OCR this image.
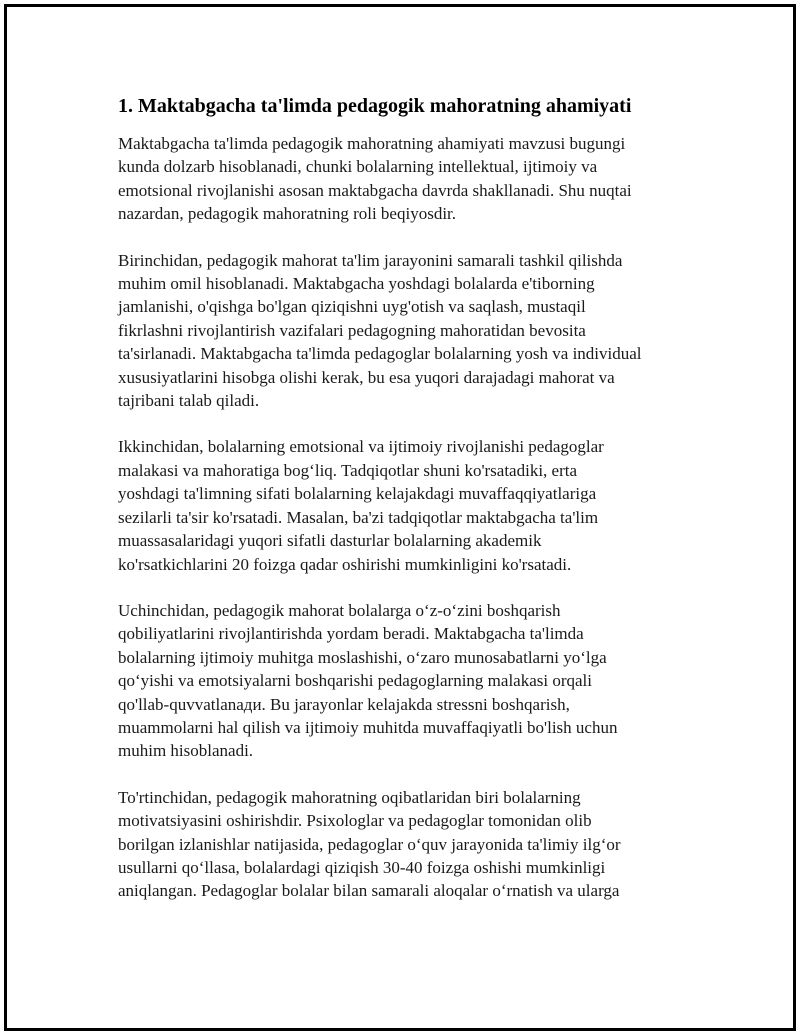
1. Maktabgacha ta'limda pedagogik mahoratning ahamiyati

Maktabgacha ta'limda pedagogik mahoratning ahamiyati mavzusi bugungi
kunda dolzarb hisoblanadi, chunki bolalarning intellektual, ijtimoiy va
emotsional rivojlanishi asosan maktabgacha davrda shakllanadi. Shu nuqtai
nazardan, pedagogik mahoratning roli beqiyosdir.

Birinchidan, pedagogik mahorat ta'lim jarayonini samarali tashkil qilishda
muhim omil hisoblanadi. Maktabgacha yoshdagi bolalarda e'tiborning
jamlanishi, o'qishga bo'lgan qiziqishni uyg'otish va saqlash, mustaqil
fikrlashni rivojlantirish vazifalari pedagogning mahoratidan bevosita
ta'sirlanadi. Maktabgacha ta'limda pedagoglar bolalarning yosh va individual
xususiyatlarini hisobga olishi kerak, bu esa yuqori darajadagi mahorat va
tajribani talab qiladi.

Ikkinchidan, bolalarning emotsional va ijtimoiy rivojlanishi pedagoglar
malakasi va mahoratiga bog‘liq. Tadqiqotlar shuni ko'rsatadiki, erta
yoshdagi ta'limning sifati bolalarning kelajakdagi muvaffaqqiyatlariga
sezilarli ta'sir ko'rsatadi. Masalan, ba'zi tadqiqotlar maktabgacha ta'lim
muassasalaridagi yuqori sifatli dasturlar bolalarning akademik
ko'rsatkichlarini 20 foizga qadar oshirishi mumkinligini ko'rsatadi.

Uchinchidan, pedagogik mahorat bolalarga o‘z-o‘zini boshqarish
qobiliyatlarini rivojlantirishda yordam beradi. Maktabgacha ta'limda
bolalarning ijtimoiy muhitga moslashishi, o‘zaro munosabatlarni yo‘lga
qo‘yishi va emotsiyalarni boshqarishi pedagoglarning malakasi orqali
qo'llab-quvvatlanади. Bu jarayonlar kelajakda stressni boshqarish,
muammolarni hal qilish va ijtimoiy muhitda muvaffaqiyatli bo'lish uchun
muhim hisoblanadi.

To'rtinchidan, pedagogik mahoratning oqibatlaridan biri bolalarning
motivatsiyasini oshirishdir. Psixologlar va pedagoglar tomonidan olib
borilgan izlanishlar natijasida, pedagoglar o‘quv jarayonida ta'limiy ilg‘or
usullarni qo‘llasa, bolalardagi qiziqish 30-40 foizga oshishi mumkinligi
aniqlangan. Pedagoglar bolalar bilan samarali aloqalar o‘rnatish va ularga
